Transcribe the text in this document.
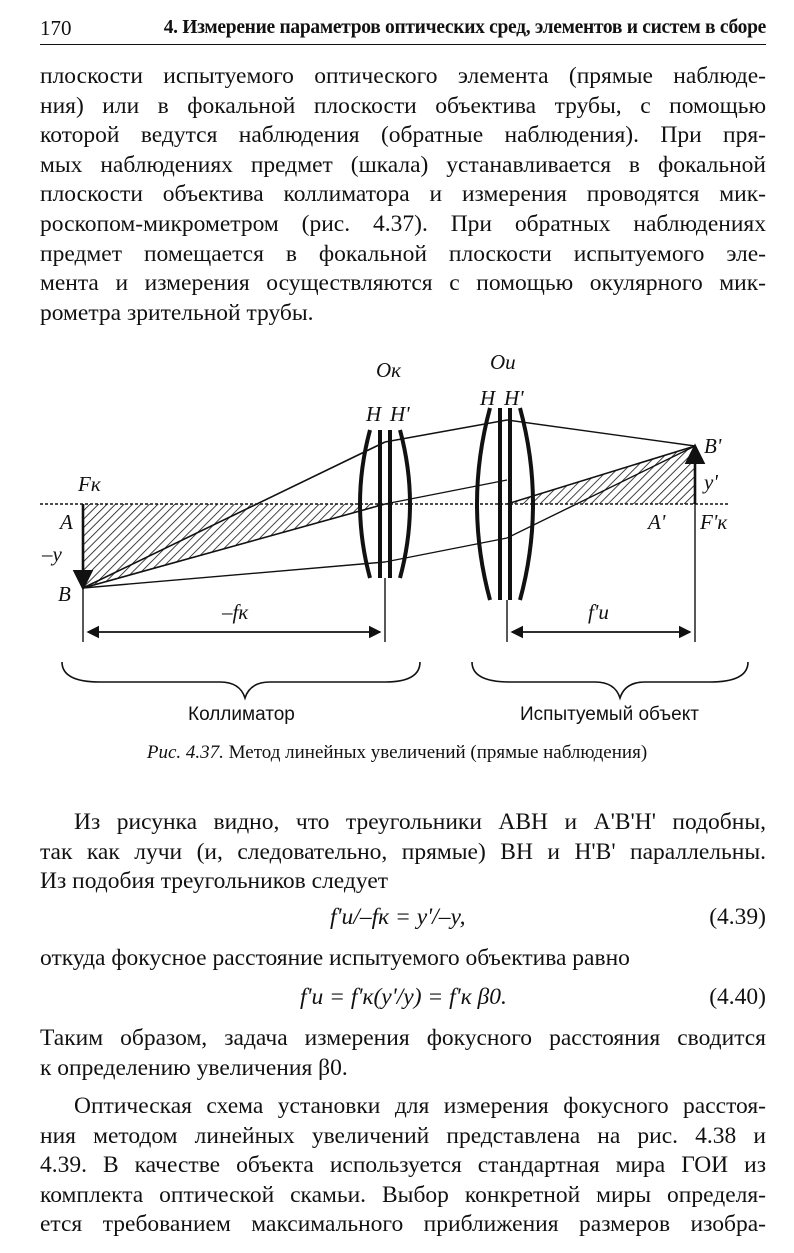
170	4. Измерение параметров оптических сред, элементов и систем в сборе
плоскости испытуемого оптического элемента (прямые наблюде-
ния) или в фокальной плоскости объектива трубы, с помощью
которой ведутся наблюдения (обратные наблюдения). При пря-
мых наблюдениях предмет (шкала) устанавливается в фокальной
плоскости объектива коллиматора и измерения проводятся мик-
роскопом-микрометром (рис. 4.37). При обратных наблюдениях
предмет помещается в фокальной плоскости испытуемого эле-
мента и измерения осуществляются с помощью окулярного мик-
рометра зрительной трубы.
Oк	Oи
H H'
H H'
Fк
A
–y
B
B'
y'
A' F'к
–fк	f'и
Коллиматор	Испытуемый объект
Рис. 4.37. Метод линейных увеличений (прямые наблюдения)
Из рисунка видно, что треугольники ABH и A'B'H' подобны,
так как лучи (и, следовательно, прямые) BH и H'B' параллельны.
Из подобия треугольников следует
f'и/–fк = y'/–y,	(4.39)
откуда фокусное расстояние испытуемого объектива равно
f'и = f'к(y'/y) = f'к β0.	(4.40)
Таким образом, задача измерения фокусного расстояния сводится
к определению увеличения β0.
Оптическая схема установки для измерения фокусного расстоя-
ния методом линейных увеличений представлена на рис. 4.38 и
4.39. В качестве объекта используется стандартная мира ГОИ из
комплекта оптической скамьи. Выбор конкретной миры определя-
ется требованием максимального приближения размеров изобра-
